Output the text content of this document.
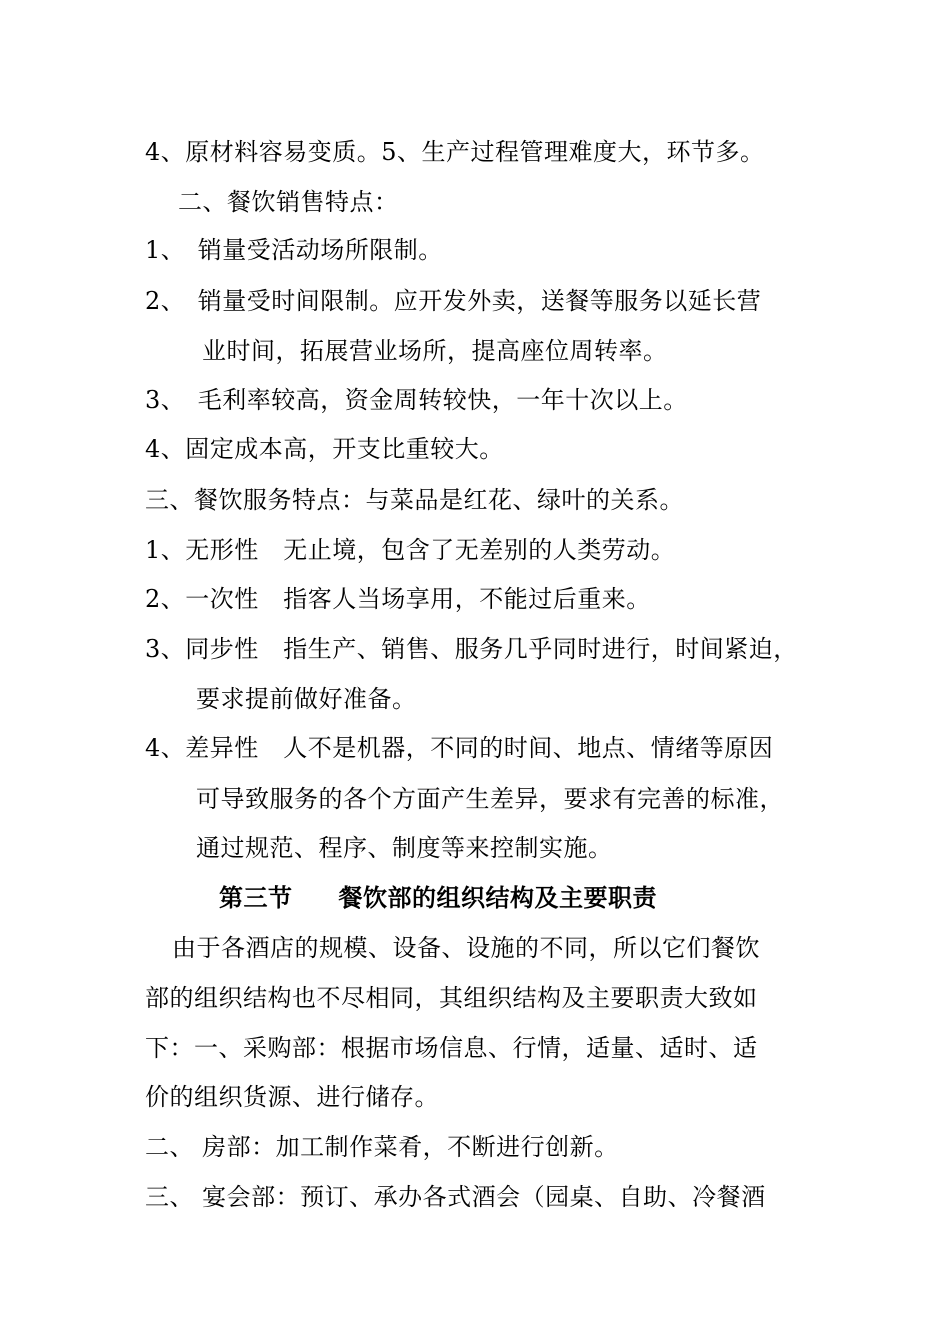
4、原材料容易变质。5、生产过程管理难度大，环节多。
二、餐饮销售特点：
1、　销量受活动场所限制。
2、　销量受时间限制。应开发外卖，送餐等服务以延长营
业时间，拓展营业场所，提高座位周转率。
3、　毛利率较高，资金周转较快，一年十次以上。
4、固定成本高，开支比重较大。
三、餐饮服务特点：与菜品是红花、绿叶的关系。
1、无形性　无止境，包含了无差别的人类劳动。
2、一次性　指客人当场享用，不能过后重来。
3、同步性　指生产、销售、服务几乎同时进行，时间紧迫，
要求提前做好准备。
4、差异性　人不是机器，不同的时间、地点、情绪等原因
可导致服务的各个方面产生差异，要求有完善的标准，
通过规范、程序、制度等来控制实施。
第三节 餐饮部的组织结构及主要职责
由于各酒店的规模、设备、设施的不同，所以它们餐饮
部的组织结构也不尽相同，其组织结构及主要职责大致如
下：一、采购部：根据市场信息、行情，适量、适时、适
价的组织货源、进行储存。
二、 房部：加工制作菜肴，不断进行创新。
三、 宴会部：预订、承办各式酒会（园桌、自助、冷餐酒
